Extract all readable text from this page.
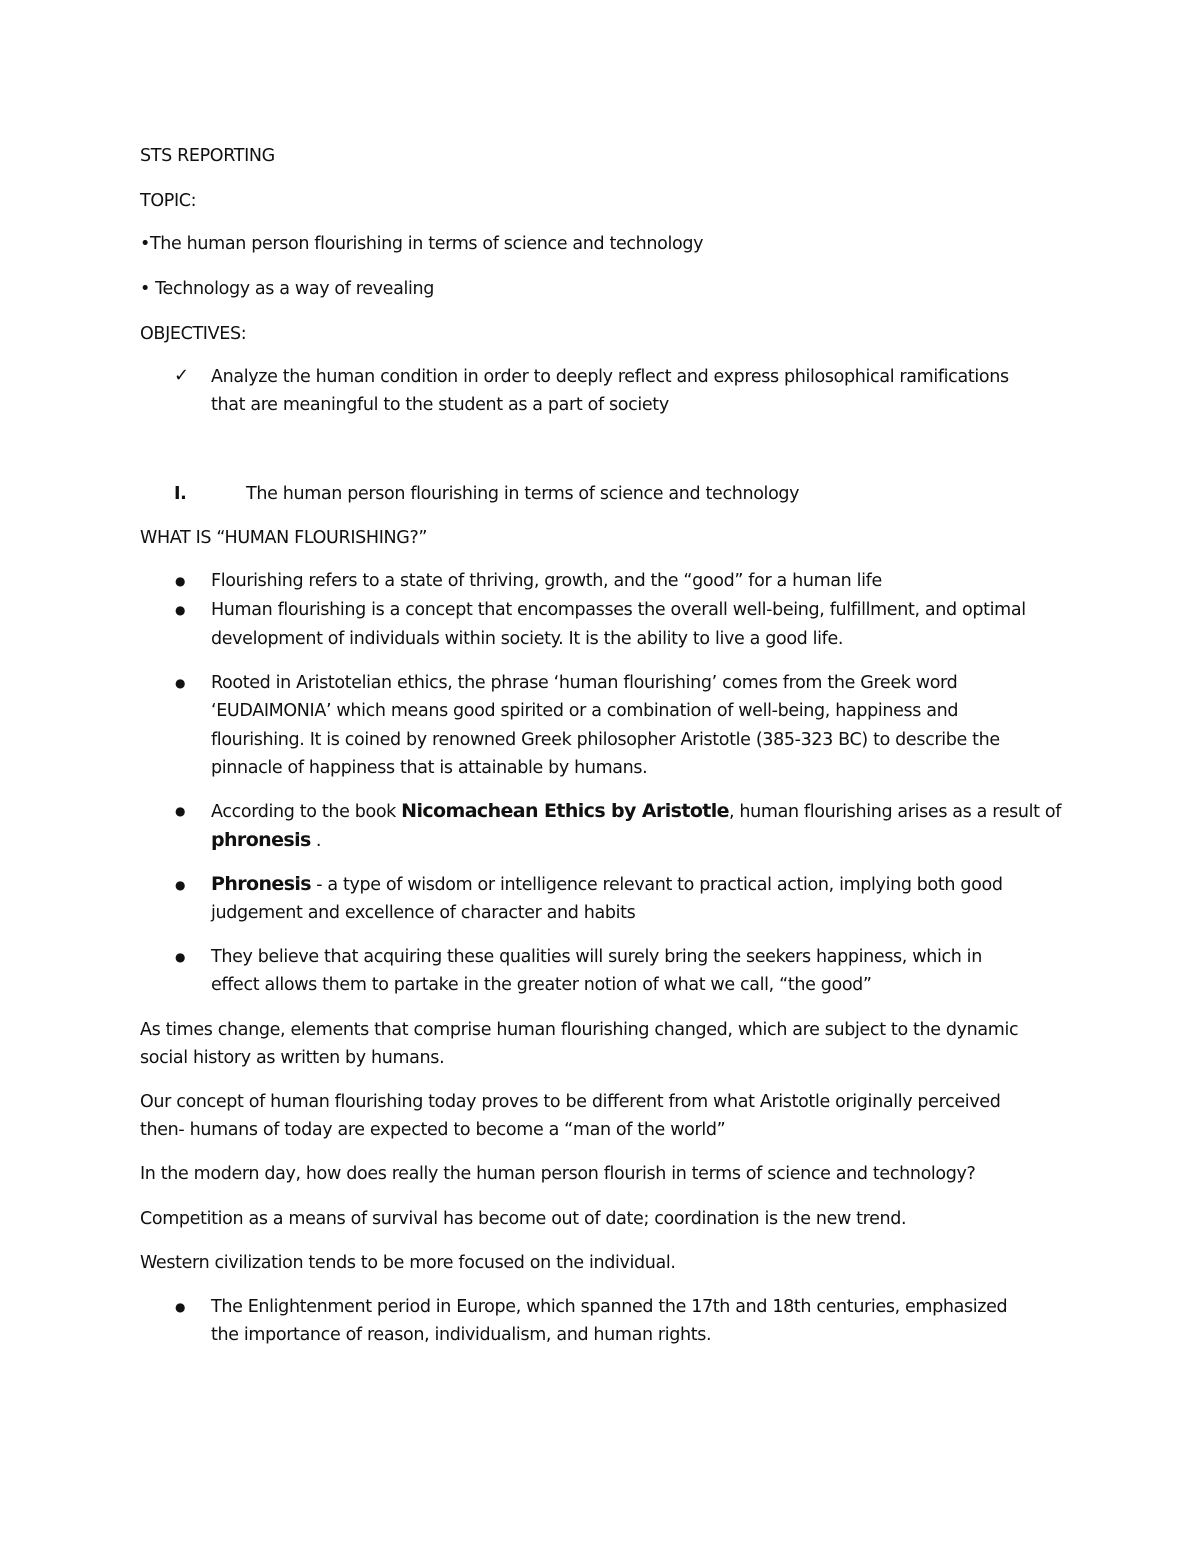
STS REPORTING
TOPIC:
•The human person flourishing in terms of science and technology
• Technology as a way of revealing
OBJECTIVES:
✓ Analyze the human condition in order to deeply reflect and express philosophical ramifications
that are meaningful to the student as a part of society
I.	The human person flourishing in terms of science and technology
WHAT IS “HUMAN FLOURISHING?”
● Flourishing refers to a state of thriving, growth, and the “good” for a human life
● Human flourishing is a concept that encompasses the overall well-being, fulfillment, and optimal
development of individuals within society. It is the ability to live a good life.
● Rooted in Aristotelian ethics, the phrase ‘human flourishing’ comes from the Greek word
‘EUDAIMONIA’ which means good spirited or a combination of well-being, happiness and
flourishing. It is coined by renowned Greek philosopher Aristotle (385-323 BC) to describe the
pinnacle of happiness that is attainable by humans.
● According to the book Nicomachean Ethics by Aristotle, human flourishing arises as a result of
phronesis .
● Phronesis - a type of wisdom or intelligence relevant to practical action, implying both good
judgement and excellence of character and habits
● They believe that acquiring these qualities will surely bring the seekers happiness, which in
effect allows them to partake in the greater notion of what we call, “the good”
As times change, elements that comprise human flourishing changed, which are subject to the dynamic
social history as written by humans.
Our concept of human flourishing today proves to be different from what Aristotle originally perceived
then- humans of today are expected to become a “man of the world”
In the modern day, how does really the human person flourish in terms of science and technology?
Competition as a means of survival has become out of date; coordination is the new trend.
Western civilization tends to be more focused on the individual.
● The Enlightenment period in Europe, which spanned the 17th and 18th centuries, emphasized
the importance of reason, individualism, and human rights.
